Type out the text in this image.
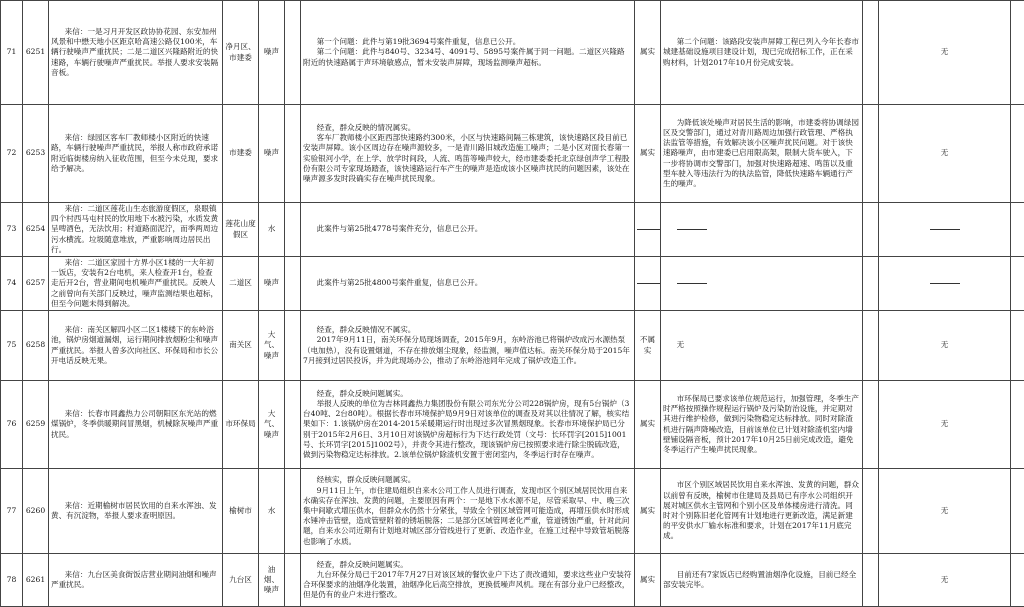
71	6251	来信：一是习月开发区政协协花园、东安加州风景和中懋天地小区距京哈高速公路仅100米，车辆行驶噪声严重扰民；二是二道区兴隆路附近的快速路，车辆行驶噪声严重扰民。举报人要求安装隔音板。	净月区、市建委	噪声		第一个问题：此件与第19批3694号案件重复，信息已公开。
第二个问题：此件与840号、3234号、4091号、5895号案件属于同一问题。二道区兴隆路附近的快速路属于声环境敏感点，暂未安装声屏障，现场监测噪声超标。	属实	第二个问题：该路段安装声屏障工程已列入今年长春市城建基础设施项目建设计划，现已完成招标工作，正在采购材料，计划2017年10月份完成安装。		无	
72	6253	来信：绿园区客车厂教师楼小区附近的快速路，车辆行驶噪声严重扰民，举报人称市政府承诺附近临街楼房纳入征收范围，但至今未兑现，要求给予解决。	市建委	噪声		经查，群众反映的情况属实。
客车厂教师楼小区距西部快速路约300米，小区与快速路间隔三栋建筑，该快速路区段目前已安装声屏障。该小区周边存在噪声源较多，一是青川路旧城改造施工噪声；二是小区对面长春第一实验银河小学，在上学、放学时间段，人流、鸣笛等噪声较大，经市建委委托北京绿创声学工程股份有限公司专家现场踏查，该快速路运行车产生的噪声是造成该小区噪声扰民的问题因素，该处在噪声源多发时段确实存在噪声扰民现象。	属实	为降低该处噪声对居民生活的影响，市建委将协调绿园区及交警部门，通过对青川路周边加强行政管理、严格执法监管等措施，有效解决该小区噪声扰民问题。对于该快速路噪声，由市建委已启用限高架，限制大货车驶入，下一步将协调市交警部门，加强对快速路超速、鸣笛以及重型车驶入等违法行为的执法监管，降低快速路车辆通行产生的噪声。		无	
73	6254	来信：二道区莲花山生态旅游度假区，泉眼镇四个村西马屯村民的饮用地下水被污染，水质发黄呈啤酒色，无法饮用；村道路面泥泞，而季两周边污水横流。垃圾随意堆放，严重影响周边居民出行。	莲花山度假区	水		此案件与第25批4778号案件充分，信息已公开。					

74	6257	来信：二道区家园十方界小区1楼的一大年初一饭店，安装有2台电机，来人检查开1台，检查走后开2台，营业期间电机噪声严重扰民。反映人之前曾向有关部门反映过，噪声监测结果也超标，但至今问题未得到解决。	二道区	噪声		此案件与第25批4800号案件重复，信息已公开。					

75	6258	来信：南关区解四小区二区1楼楼下的东岭浴池，锅炉房烟道漏烟，运行期间排放烟粉尘和噪声严重扰民。举报人曾多次向社区、环保局和市长公开电话反映无果。	南关区	大气、噪声		经查，群众反映情况不属实。
2017年9月11日，南关环保分局现场调查，2015年9月，东岭浴池已将锅炉改成污水源热泵（电加热），没有设置烟道，不存在排放烟尘现象，经监测，噪声值达标。南关环保分局于2015年7月接到过居民投诉，并为此现场办公，推动了东岭浴池同年完成了锅炉改造工作。	不属实	无		无	
76	6259	来信：长春市同鑫热力公司朝阳区东光站的燃煤锅炉，冬季供暖期间冒黑烟，机械除灰噪声严重扰民。	市环保局	大气、噪声		经查，群众反映问题属实。
举报人反映的单位为吉林同鑫热力集团股份有限公司东光分公司228锅炉房，现有5台锅炉（3台40吨、2台80吨）。根据长春市环境保护局9月9日对该单位的调查及对其以往情况了解，核实结果如下：1.该锅炉房在2014-2015采暖期运行时出现过多次冒黑烟现象。长春市环境保护局已分别于2015年2月6日、3月10日对该锅炉房超标行为下达行政处罚（文号：长环罚字[2015]1001号、长环罚字[2015]1002号），并责令其进行整改，现该锅炉房已按照要求进行除尘脱硫改造，做到污染物稳定达标排放。2.该单位锅炉除渣机安置于密闭室内，冬季运行时存在噪声。	属实	市环保局已要求该单位规范运行，加强管理，冬季生产时严格按照操作规程运行锅炉及污染防治设施，并定期对其进行维护检修，做到污染物稳定达标排放。同时对除渣机进行隔声降噪改造，目前该单位已计划对除渣机室内墙壁铺设隔音板，预计2017年10月25日前完成改造，避免冬季运行产生噪声扰民现象。		无	
77	6260	来信：近期榆树市居民饮用的自来水浑浊、发黄、有沉淀物，举报人要求查明原因。	榆树市	水		经核实，群众反映问题属实。
9月11日上午，市住建局组织自来水公司工作人员进行调查，发现市区个别区域居民饮用自来水确实存在浑浊、发黄的问题，主要原因有两个：一是地下水水源不足，尽管采取早、中、晚三次集中间歇式增压供水，但群众水仍然十分紧张，导致全个别区域管网可能造成，再增压供水时形成水锤冲击管壁，造成管壁附着的锈垢脱落；二是部分区域管网老化严重，管道锈蚀严重，针对此问题，自来水公司近期有计划地对城区部分管线进行了更新、改造作业，在施工过程中导致管垢脱落也影响了水质。	属实	市区个别区域居民饮用自来水浑浊、发黄的问题，群众以前曾有反映，榆树市住建局及县局已有序水公司组织开展对城区供水主管网和个别小区及单体楼房进行清洗。同时对个别陈旧老化管网有计划地进行更新改造，满足新建的平安供水厂输水标准和要求，计划在2017年11月底完成。		无	
78	6261	来信：九台区美食街饭店营业期间油烟和噪声严重扰民。	九台区	油烟、噪声		经查，群众反映问题属实。
九台环保分局已于2017年7月27日对该区域的餐饮业户下达了责改通知，要求这些业户安装符合环保要求的油烟净化装置，油烟净化后高空排放，更换低噪声风机。现在有部分业户已经整改，但是仍有的业户未进行整改。	属实	目前还有7家饭店已经购置油烟净化设施，目前已经全部安装完毕。		无	
